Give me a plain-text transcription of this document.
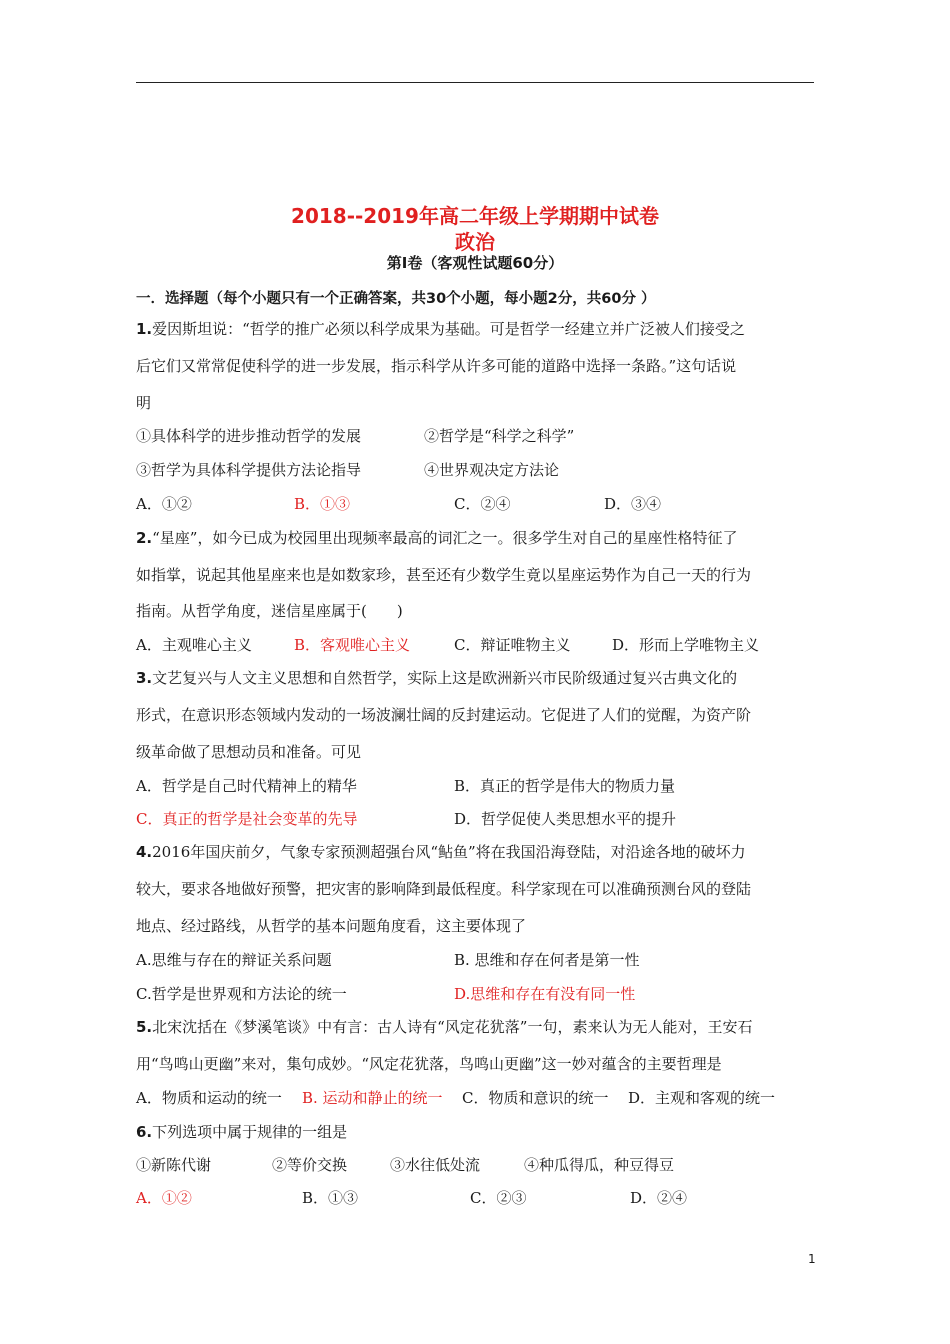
2018--2019年高二年级上学期期中试卷
政治
第Ⅰ卷（客观性试题60分）
一．选择题（每个小题只有一个正确答案，共30个小题，每小题2分，共60分 ）
1.爱因斯坦说：“哲学的推广必须以科学成果为基础。可是哲学一经建立并广泛被人们接受之
后它们又常常促使科学的进一步发展，指示科学从许多可能的道路中选择一条路。”这句话说
明
①具体科学的进步推动哲学的发展	②哲学是“科学之科学”
③哲学为具体科学提供方法论指导	④世界观决定方法论
A．①②	B．①③	C．②④	D．③④
2.“星座”，如今已成为校园里出现频率最高的词汇之一。很多学生对自己的星座性格特征了
如指掌，说起其他星座来也是如数家珍，甚至还有少数学生竟以星座运势作为自己一天的行为
指南。从哲学角度，迷信星座属于(　　)
A．主观唯心主义	B．客观唯心主义	C．辩证唯物主义	D．形而上学唯物主义
3.文艺复兴与人文主义思想和自然哲学，实际上这是欧洲新兴市民阶级通过复兴古典文化的
形式，在意识形态领域内发动的一场波澜壮阔的反封建运动。它促进了人们的觉醒，为资产阶
级革命做了思想动员和准备。可见
A．哲学是自己时代精神上的精华	B．真正的哲学是伟大的物质力量
C．真正的哲学是社会变革的先导	D．哲学促使人类思想水平的提升
4.2016年国庆前夕，气象专家预测超强台风“鲇鱼”将在我国沿海登陆，对沿途各地的破坏力
较大，要求各地做好预警，把灾害的影响降到最低程度。科学家现在可以准确预测台风的登陆
地点、经过路线，从哲学的基本问题角度看，这主要体现了
A.思维与存在的辩证关系问题	B. 思维和存在何者是第一性
C.哲学是世界观和方法论的统一	D.思维和存在有没有同一性
5.北宋沈括在《梦溪笔谈》中有言：古人诗有“风定花犹落”一句，素来认为无人能对，王安石
用“鸟鸣山更幽”来对，集句成妙。“风定花犹落，鸟鸣山更幽”这一妙对蕴含的主要哲理是
A．物质和运动的统一 B. 运动和静止的统一 C．物质和意识的统一 D．主观和客观的统一
6.下列选项中属于规律的一组是
①新陈代谢	②等价交换	③水往低处流	④种瓜得瓜，种豆得豆
A．①②	B．①③	C．②③	D．②④
1
